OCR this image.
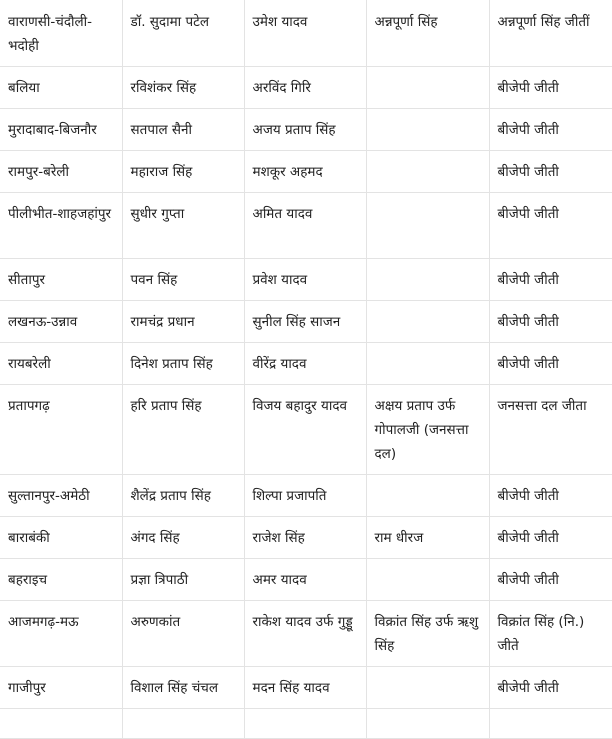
वाराणसी-चंदौली-भदोही	डॉ. सुदामा पटेल	उमेश यादव	अन्नपूर्णा सिंह	अन्नपूर्णा सिंह जीतीं
बलिया	रविशंकर सिंह	अरविंद गिरि		बीजेपी जीती
मुरादाबाद-बिजनौर	सतपाल सैनी	अजय प्रताप सिंह		बीजेपी जीती
रामपुर-बरेली	महाराज सिंह	मशकूर अहमद		बीजेपी जीती
पीलीभीत-शाहजहांपुर	सुधीर गुप्ता	अमित यादव		बीजेपी जीती
सीतापुर	पवन सिंह	प्रवेश यादव		बीजेपी जीती
लखनऊ-उन्नाव	रामचंद्र प्रधान	सुनील सिंह साजन		बीजेपी जीती
रायबरेली	दिनेश प्रताप सिंह	वीरेंद्र यादव		बीजेपी जीती
प्रतापगढ़	हरि प्रताप सिंह	विजय बहादुर यादव	अक्षय प्रताप उर्फ गोपालजी (जनसत्ता दल)	जनसत्ता दल जीता
सुल्तानपुर-अमेठी	शैलेंद्र प्रताप सिंह	शिल्पा प्रजापति		बीजेपी जीती
बाराबंकी	अंगद सिंह	राजेश सिंह	राम धीरज	बीजेपी जीती
बहराइच	प्रज्ञा त्रिपाठी	अमर यादव		बीजेपी जीती
आजमगढ़-मऊ	अरुणकांत	राकेश यादव उर्फ गुड्डू	विक्रांत सिंह उर्फ ऋशु सिंह	विक्रांत सिंह (नि.) जीते
गाजीपुर	विशाल सिंह चंचल	मदन सिंह यादव		बीजेपी जीती
